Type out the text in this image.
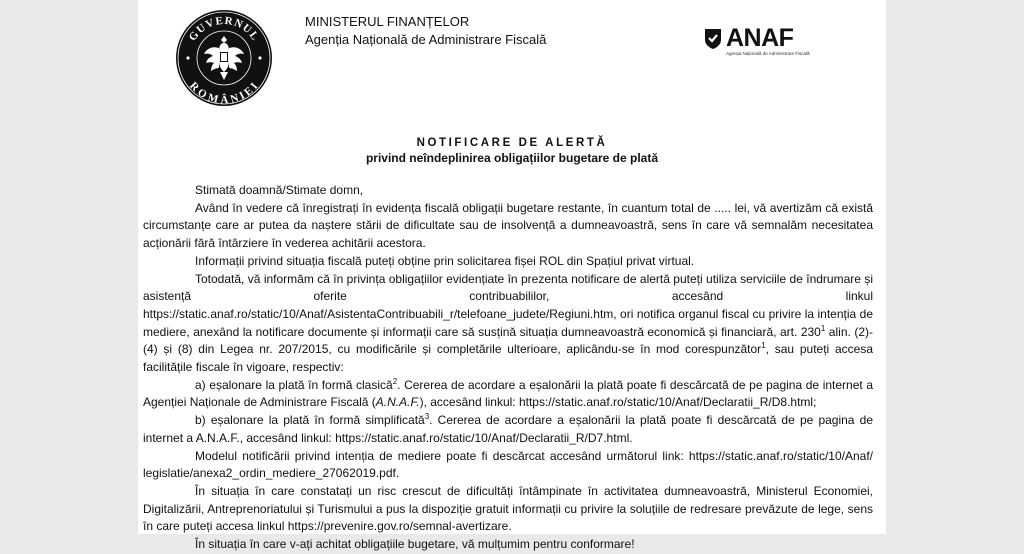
GUVERNUL
ROMÂNIEI
MINISTERUL FINANȚELOR
Agenția Națională de Administrare Fiscală	ANAF
Agenția Națională de Administrare Fiscală
NOTIFICARE DE ALERTĂ
privind neîndeplinirea obligațiilor bugetare de plată

Stimată doamnă/Stimate domn,

Având în vedere că înregistrați în evidența fiscală obligații bugetare restante, în cuantum total de ..... lei, vă avertizăm că există circumstanțe care ar putea da naștere stării de dificultate sau de insolvență a dumneavoastră, sens în care vă semnalăm necesitatea acționării fără întârziere în vederea achitării acestora.

Informații privind situația fiscală puteți obține prin solicitarea fișei ROL din Spațiul privat virtual.

Totodată, vă informăm că în privința obligațiilor evidențiate în prezenta notificare de alertă puteți utiliza serviciile de îndrumare și asistență oferite contribuabililor, accesând linkul https://static.anaf.ro/static/10/Anaf/AsistentaContribuabili_r/telefoane_judete/Regiuni.htm, ori notifica organul fiscal cu privire la intenția de mediere, anexând la notificare documente și informații care să susțină situația dumneavoastră economică și financiară, art. $230^1$ alin. (2)-(4) și (8) din Legea nr. 207/2015, cu modificările și completările ulterioare, aplicându-se în mod corespunzător$^1$, sau puteți accesa facilitățile fiscale în vigoare, respectiv:

a) eșalonare la plată în formă clasică$^2$. Cererea de acordare a eșalonării la plată poate fi descărcată de pe pagina de internet a Agenției Naționale de Administrare Fiscală (A.N.A.F.), accesând linkul: https://static.anaf.ro/static/10/Anaf/Declaratii_R/D8.html;

b) eșalonare la plată în formă simplificată$^3$. Cererea de acordare a eșalonării la plată poate fi descărcată de pe pagina de internet a A.N.A.F., accesând linkul: https://static.anaf.ro/static/10/Anaf/Declaratii_R/D7.html.

Modelul notificării privind intenția de mediere poate fi descărcat accesând următorul link: https://static.anaf.ro/static/10/Anaf/ legislatie/anexa2_ordin_mediere_27062019.pdf.

În situația în care constatați un risc crescut de dificultăți întâmpinate în activitatea dumneavoastră, Ministerul Economiei, Digitalizării, Antreprenoriatului și Turismului a pus la dispoziție gratuit informații cu privire la soluțiile de redresare prevăzute de lege, sens în care puteți accesa linkul https://prevenire.gov.ro/semnal-avertizare.

În situația în care v-ați achitat obligațiile bugetare, vă mulțumim pentru conformare!
